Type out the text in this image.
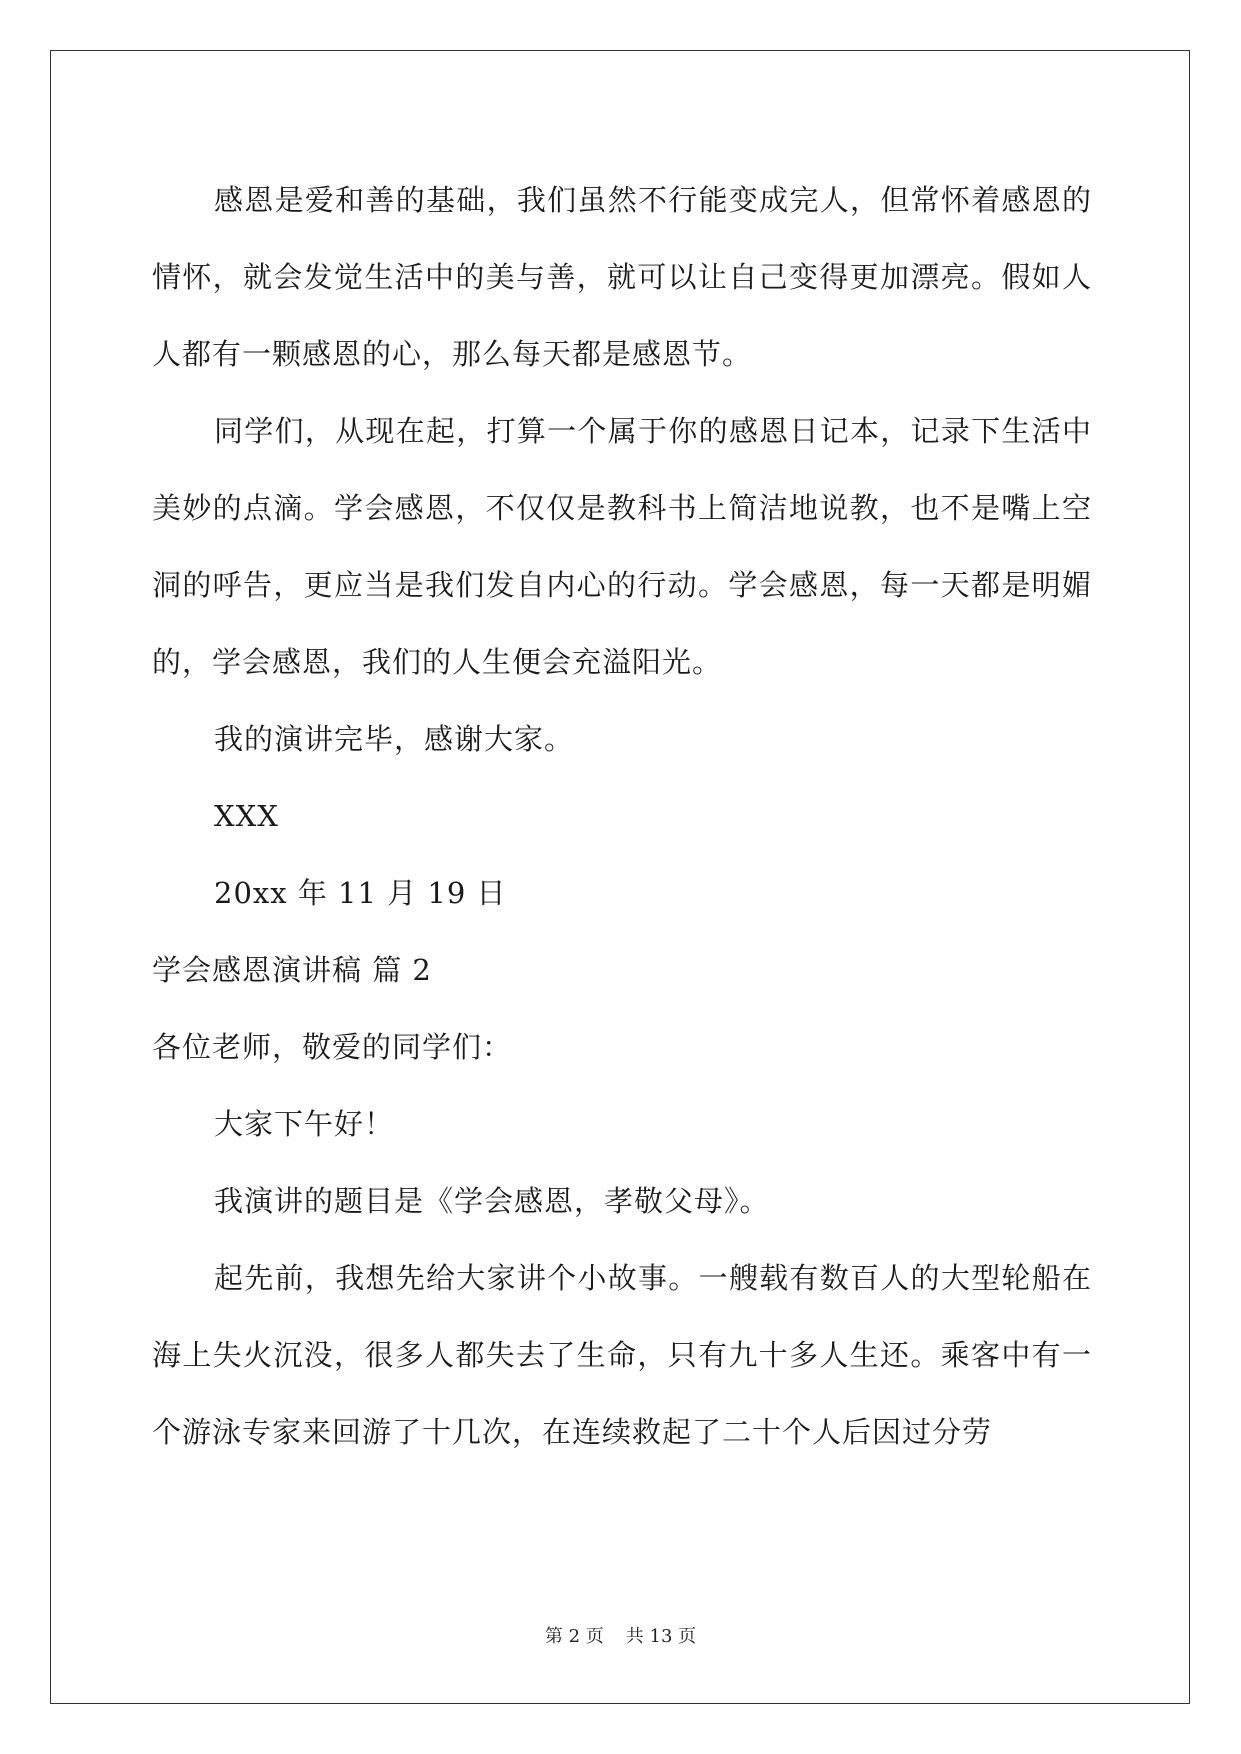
感恩是爱和善的基础，我们虽然不行能变成完人，但常怀着感恩的情怀，就会发觉生活中的美与善，就可以让自己变得更加漂亮。假如人人都有一颗感恩的心，那么每天都是感恩节。

同学们，从现在起，打算一个属于你的感恩日记本，记录下生活中美妙的点滴。学会感恩，不仅仅是教科书上简洁地说教，也不是嘴上空洞的呼告，更应当是我们发自内心的行动。学会感恩，每一天都是明媚的，学会感恩，我们的人生便会充溢阳光。

我的演讲完毕，感谢大家。

XXX

20xx 年 11 月 19 日

学会感恩演讲稿 篇 2

各位老师，敬爱的同学们：

大家下午好！

我演讲的题目是《学会感恩，孝敬父母》。

起先前，我想先给大家讲个小故事。一艘载有数百人的大型轮船在海上失火沉没，很多人都失去了生命，只有九十多人生还。乘客中有一个游泳专家来回游了十几次，在连续救起了二十个人后因过分劳

第 2 页 共 13 页
